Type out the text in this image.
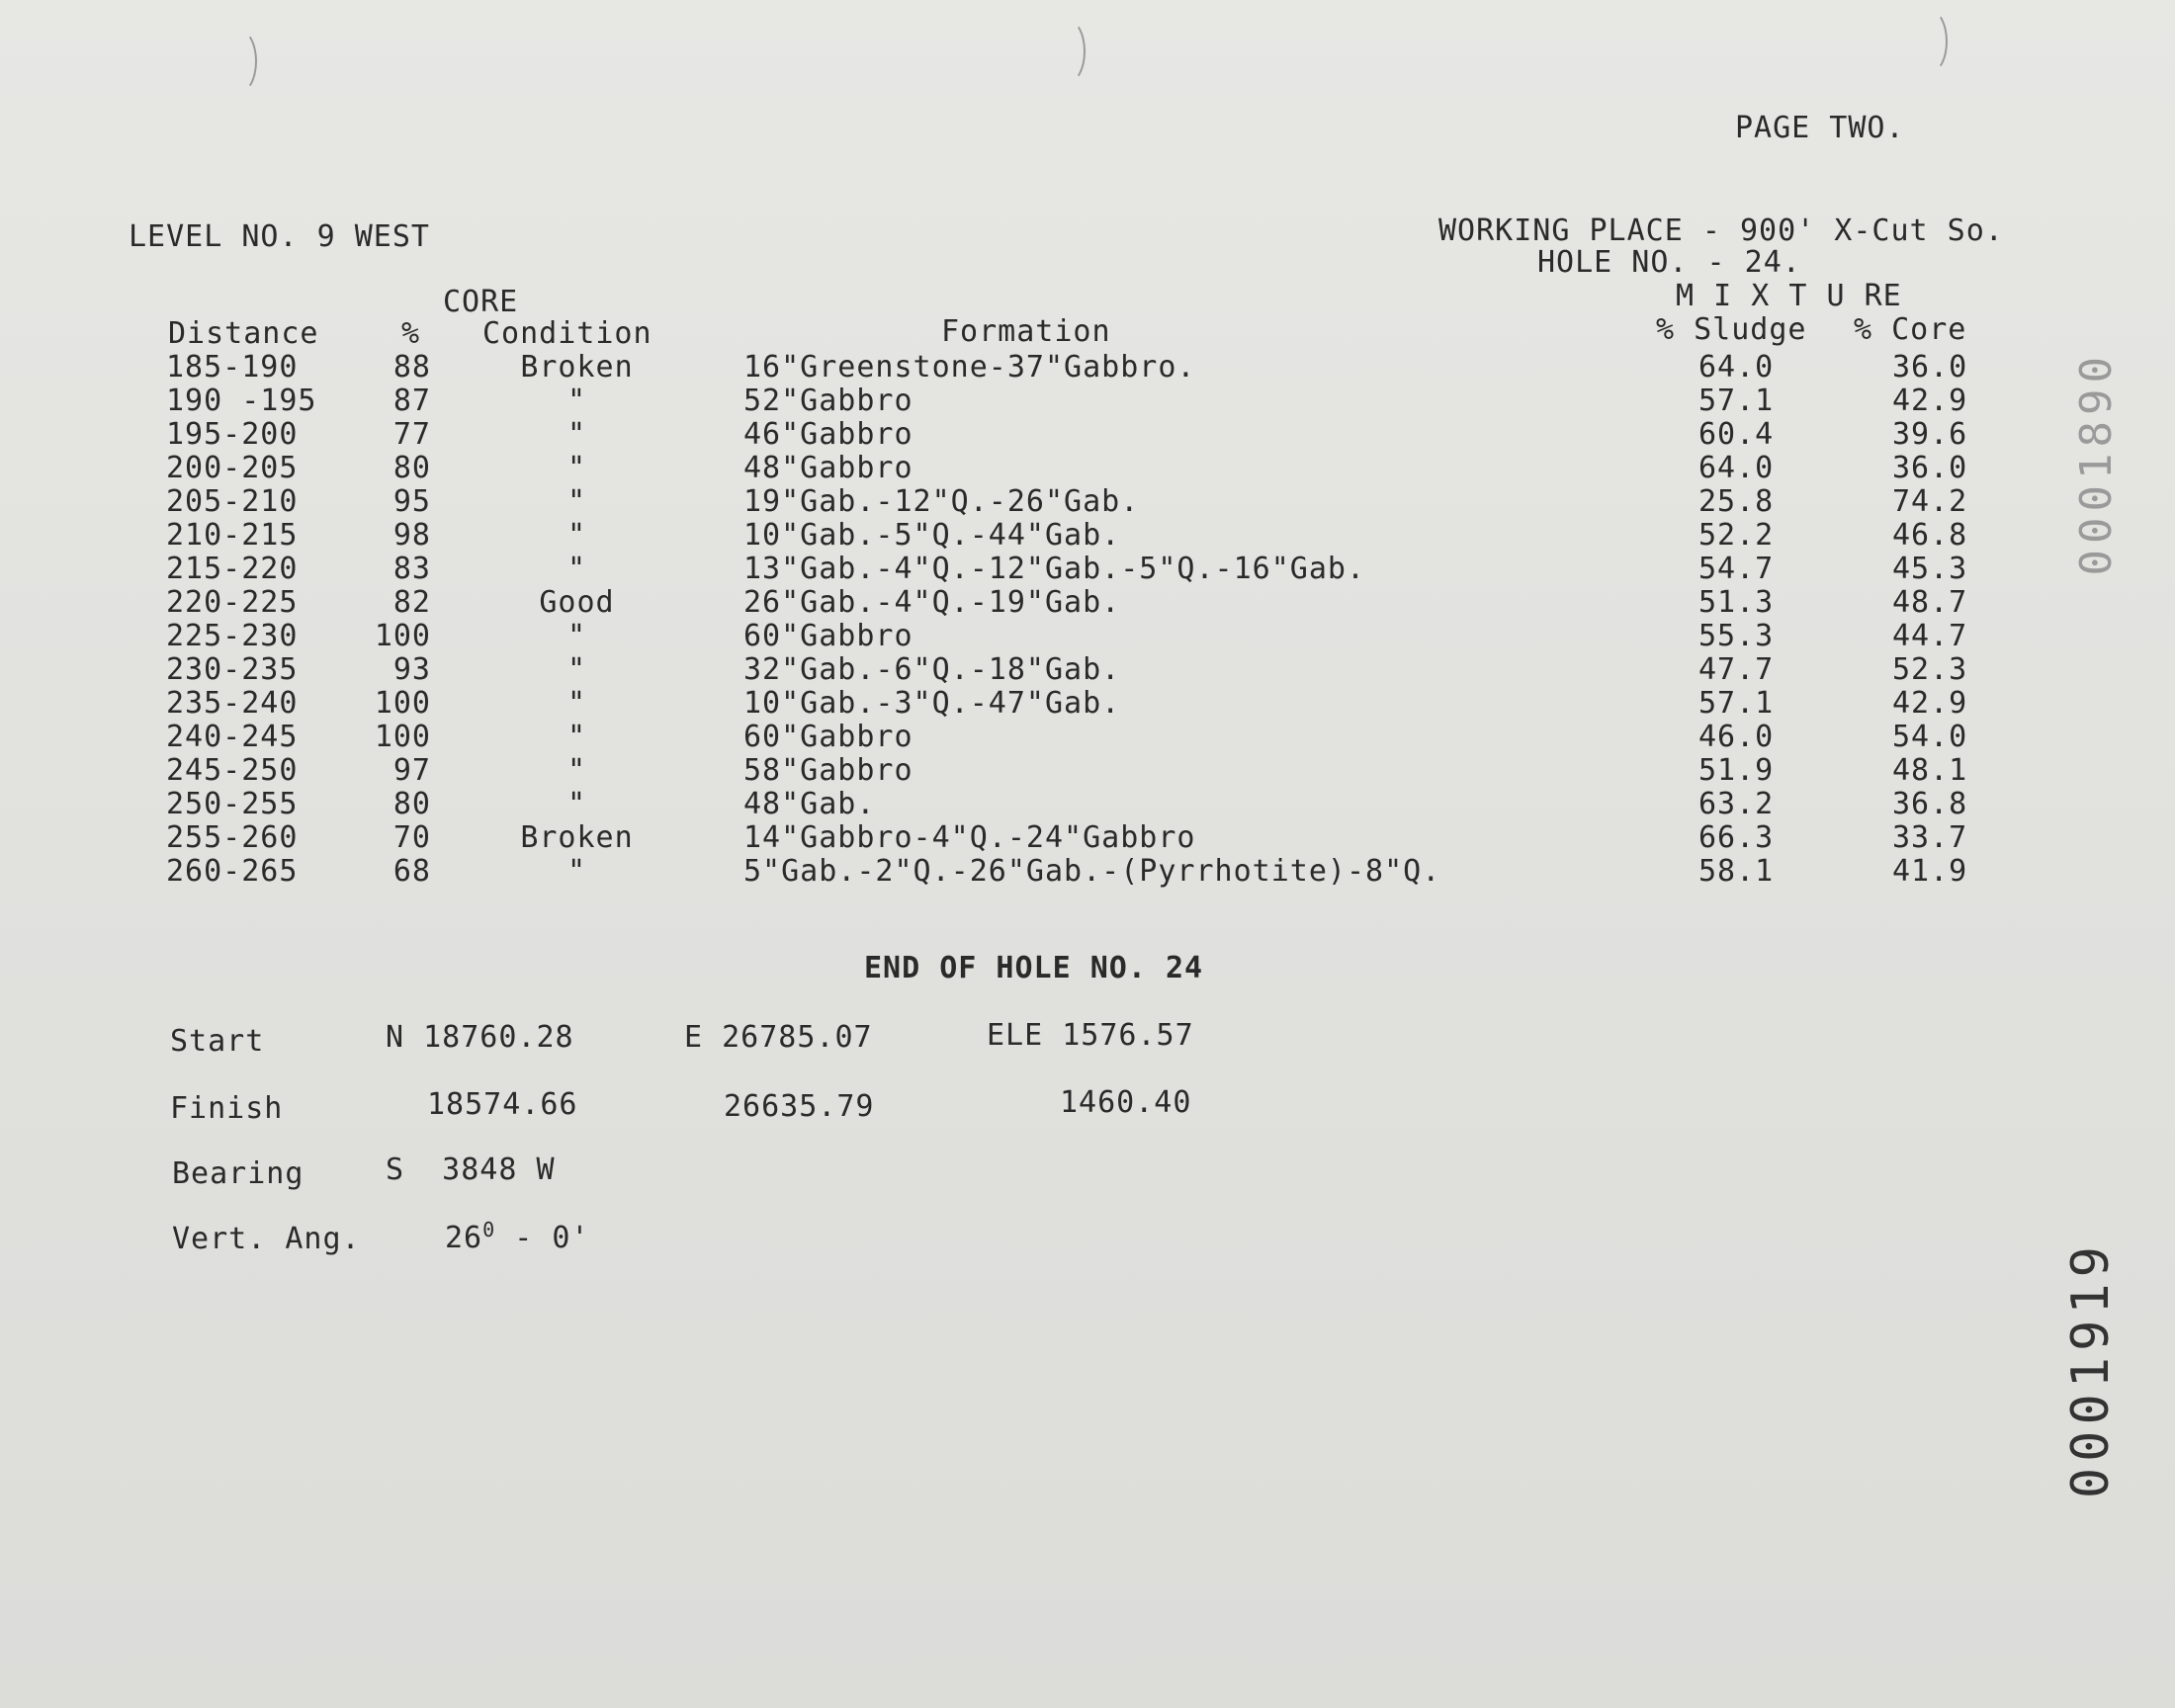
PAGE TWO.
LEVEL NO. 9 WEST	WORKING PLACE - 900' X-Cut So.
HOLE NO. - 24.
CORE	M I X T U RE
Distance	% Condition	Formation	% Sludge % Core
185-190	88	Broken	16"Greenstone-37"Gabbro.	64.0	36.0
190 -195	87	"	52"Gabbro	57.1	42.9
195-200	77	"	46"Gabbro	60.4	39.6
200-205	80	"	48"Gabbro	64.0	36.0
205-210	95	"	19"Gab.-12"Q.-26"Gab.	25.8	74.2
210-215	98	"	10"Gab.-5"Q.-44"Gab.	52.2	46.8
215-220	83	"	13"Gab.-4"Q.-12"Gab.-5"Q.-16"Gab.	54.7	45.3
220-225	82	Good	26"Gab.-4"Q.-19"Gab.	51.3	48.7
225-230	100	"	60"Gabbro	55.3	44.7
230-235	93	"	32"Gab.-6"Q.-18"Gab.	47.7	52.3
235-240	100	"	10"Gab.-3"Q.-47"Gab.	57.1	42.9
240-245	100	"	60"Gabbro	46.0	54.0
245-250	97	"	58"Gabbro	51.9	48.1
250-255	80	"	48"Gab.	63.2	36.8
255-260	70	Broken	14"Gabbro-4"Q.-24"Gabbro	66.3	33.7
260-265	68	"	5"Gab.-2"Q.-26"Gab.-(Pyrrhotite)-8"Q.	58.1	41.9
END OF HOLE NO. 24
Start	N 18760.28	E 26785.07	ELE 1576.57
Finish	18574.66	26635.79	1460.40
Bearing	S  3848 W
Vert. Ang.	$26^0 - 0'$
0001919
0001890
